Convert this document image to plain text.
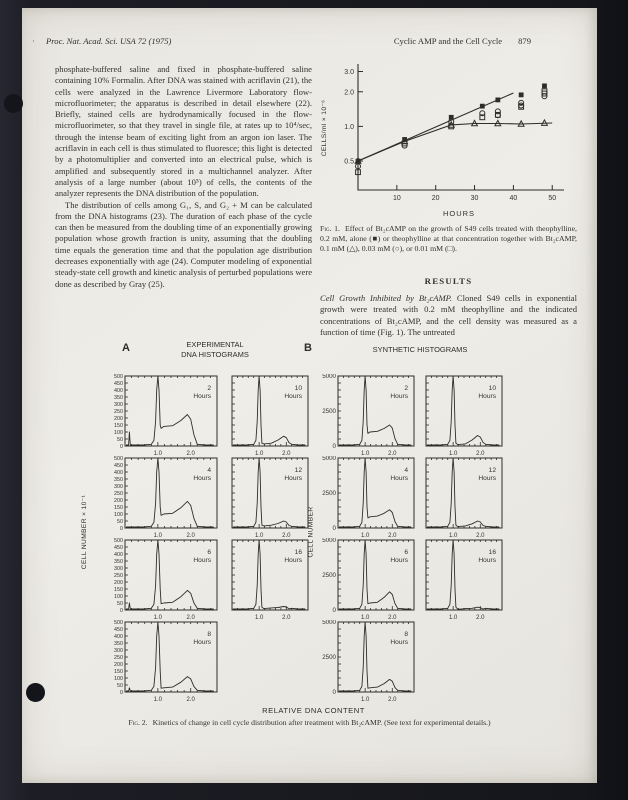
· Proc. Nat. Acad. Sci. USA 72 (1975)	Cyclic AMP and the Cell Cycle 879

phosphate-buffered saline and fixed in phosphate-buffered saline containing 10% Formalin. After DNA was stained with acriflavin (21), the cells were analyzed in the Lawrence Livermore Laboratory flow-microfluorimeter; the apparatus is described in detail elsewhere (22). Briefly, stained cells are hydrodynamically focused in the flow-microfluorimeter, so that they travel in single file, at rates up to 10⁴/sec, through the intense beam of exciting light from an argon ion laser. The acriflavin in each cell is thus stimulated to fluoresce; this light is detected by a photomultiplier and converted into an electrical pulse, which is amplified and subsequently stored in a multichannel analyzer. After analysis of a large number (about 10⁵) of cells, the contents of the analyzer represents the DNA distribution of the population.

The distribution of cells among G₁, S, and G₂ + M can be calculated from the DNA histograms (23). The duration of each phase of the cycle can then be measured from the doubling time of an exponentially growing population whose growth fraction is unity, assuming that the doubling time equals the generation time and that the population age distribution decreases exponentially with age (24). Computer modeling of exponential steady-state cell growth and kinetic analysis of perturbed populations were done as described by Gray (25).

0.5
1.0
2.0
3.0
10	20	30	40	50
HOURS
CELLS/ml × 10⁻⁶
Fig. 1. Effect of Bt₂cAMP on the growth of S49 cells treated with theophylline, 0.2 mM, alone (■) or theophylline at that concentration together with Bt₂cAMP, 0.1 mM (△), 0.03 mM (○), or 0.01 mM (□).
RESULTS

Cell Growth Inhibited by Bt₂cAMP. Cloned S49 cells in exponential growth were treated with 0.2 mM theophylline and the indicated concentrations of Bt₂cAMP, and the cell density was measured as a function of time (Fig. 1). The untreated

A	EXPERIMENTAL
DNA HISTOGRAMS	B	SYNTHETIC HISTOGRAMS
CELL NUMBER × 10⁻¹	CELL NUMBER
RELATIVE DNA CONTENT
500
450
400
350
300
250
200
150
100
50
0
1.0	2.0
2
Hours
500
450
400
350
300
250
200
150
100
50
0
1.0	2.0
4
Hours
500
450
400
350
300
250
200
150
100
50
0
1.0	2.0
6
Hours
500
450
400
350
300
250
200
150
100
50
0
1.0	2.0
8
Hours
1.0	2.0
10
Hours
1.0	2.0
12
Hours
1.0	2.0
16
Hours
5000
2500
0
1.0	2.0
2
Hours
5000
2500
0
1.0	2.0
4
Hours
5000
2500
0
1.0	2.0
6
Hours
5000
2500
0
1.0	2.0
8
Hours
1.0	2.0
10
Hours
1.0	2.0
12
Hours
1.0	2.0
16
Hours
Fig. 2. Kinetics of change in cell cycle distribution after treatment with Bt₂cAMP. (See text for experimental details.)
